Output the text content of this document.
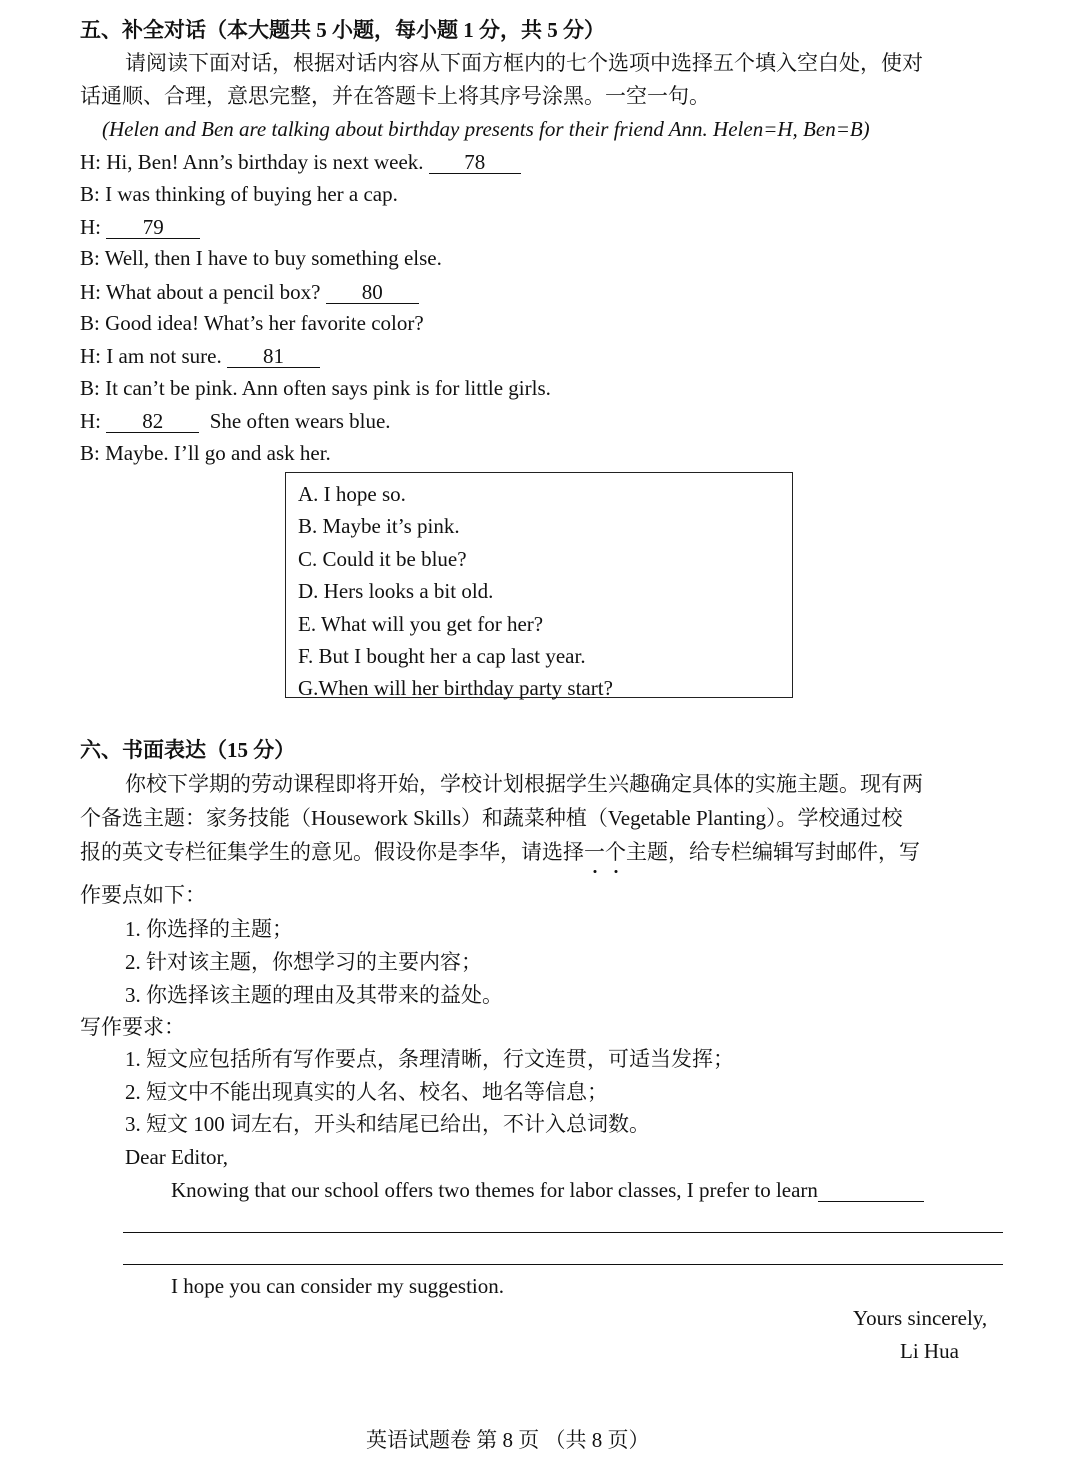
五、补全对话（本大题共 5 小题，每小题 1 分，共 5 分）
请阅读下面对话，根据对话内容从下面方框内的七个选项中选择五个填入空白处，使对
话通顺、合理，意思完整，并在答题卡上将其序号涂黑。一空一句。
(Helen and Ben are talking about birthday presents for their friend Ann. Helen=H, Ben=B)
H: Hi, Ben! Ann’s birthday is next week. 78
B: I was thinking of buying her a cap.
H: 79
B: Well, then I have to buy something else.
H: What about a pencil box? 80
B: Good idea! What’s her favorite color?
H: I am not sure. 81
B: It can’t be pink. Ann often says pink is for little girls.
H: 82  She often wears blue.
B: Maybe. I’ll go and ask her.
A. I hope so.
B. Maybe it’s pink.
C. Could it be blue?
D. Hers looks a bit old.
E. What will you get for her?
F. But I bought her a cap last year.
G.When will her birthday party start?
六、书面表达（15 分）
你校下学期的劳动课程即将开始，学校计划根据学生兴趣确定具体的实施主题。现有两
个备选主题：家务技能（Housework Skills）和蔬菜种植（Vegetable Planting）。学校通过校
报的英文专栏征集学生的意见。假设你是李华，请选择一个主题，给专栏编辑写封邮件，写
作要点如下：
1. 你选择的主题；
2. 针对该主题，你想学习的主要内容；
3. 你选择该主题的理由及其带来的益处。
写作要求：
1. 短文应包括所有写作要点，条理清晰，行文连贯，可适当发挥；
2. 短文中不能出现真实的人名、校名、地名等信息；
3. 短文 100 词左右，开头和结尾已给出，不计入总词数。
Dear Editor,
Knowing that our school offers two themes for labor classes, I prefer to learn
I hope you can consider my suggestion.
Yours sincerely,
Li Hua
英语试题卷 第 8 页 （共 8 页）
